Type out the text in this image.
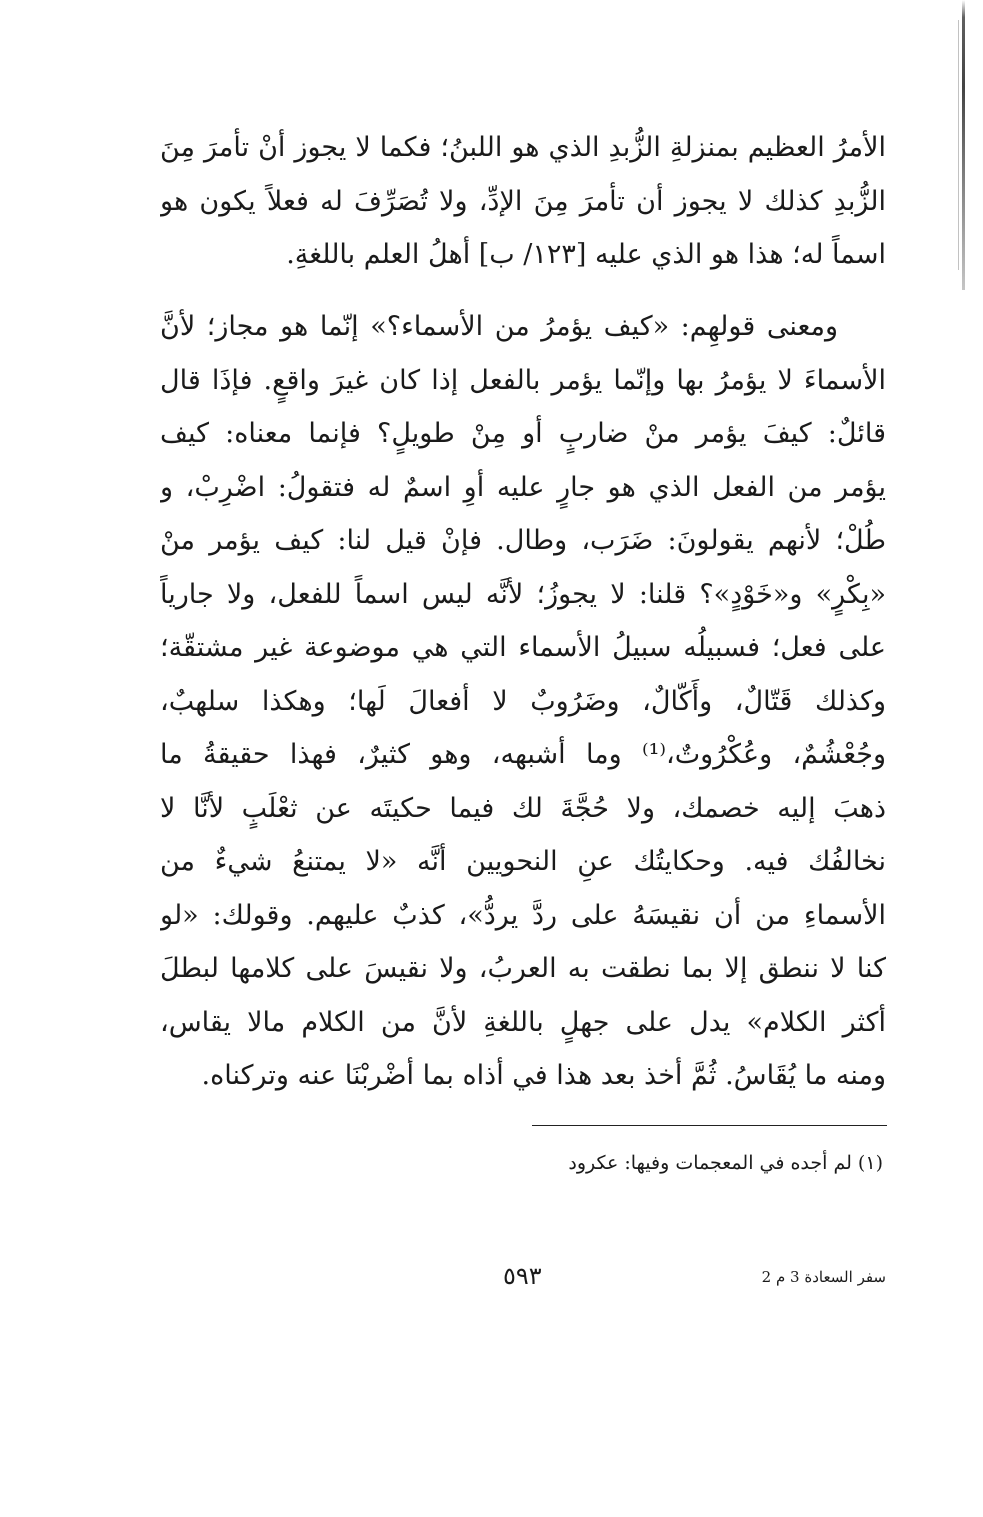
الأمرُ العظيم بمنزلةِ الزُّبدِ الذي هو اللبنُ؛ فكما لا يجوز أنْ تأمرَ مِنَ
الزُّبدِ كذلك لا يجوز أن تأمرَ مِنَ الإدِّ، ولا تُصَرِّفَ له فعلاً يكون هو
اسماً له؛ هذا هو الذي عليه [١٢٣/ ب] أهلُ العلم باللغةِ.
ومعنى قولهِم: «كيف يؤمرُ من الأسماء؟» إنّما هو مجاز؛ لأنَّ
الأسماءَ لا يؤمرُ بها وإنّما يؤمر بالفعل إذا كان غيرَ واقعٍ. فإذَا قال
قائلٌ: كيفَ يؤمر منْ ضاربٍ أو مِنْ طويلٍ؟ فإنما معناه: كيف
يؤمر من الفعل الذي هو جارٍ عليه أوِ اسمٌ له فتقولُ: اضْرِبْ، و
طُلْ؛ لأنهم يقولونَ: ضَرَب، وطال. فإنْ قيل لنا: كيف يؤمر منْ
«بِكْرٍ» و«خَوْدٍ»؟ قلنا: لا يجوزُ؛ لأنَّه ليس اسماً للفعل، ولا جارياً
على فعل؛ فسبيلُه سبيلُ الأسماء التي هي موضوعة غير مشتقّة؛
وكذلك قَتّالٌ، وأَكّالٌ، وضَرُوبٌ لا أفعالَ لَها؛ وهكذا سلهبٌ،
وجُعْشُمٌ، وعُكْرُوتٌ،⁽¹⁾ وما أشبهه، وهو كثيرٌ، فهذا حقيقةُ ما
ذهبَ إليه خصمك، ولا حُجَّةَ لك فيما حكيتَه عن ثعْلَبٍ لأنَّا لا
نخالفُك فيه. وحكايتُك عنِ النحويين أنَّه «لا يمتنعُ شيءٌ من
الأسماءِ من أن نقيسَهُ على ردَّ يردُّ»، كذبٌ عليهم. وقولك: «لو
كنا لا ننطق إلا بما نطقت به العربُ، ولا نقيسَ على كلامها لبطلَ
أكثر الكلام» يدل على جهلٍ باللغةِ لأنَّ من الكلام مالا يقاس،
ومنه ما يُقَاسُ. ثُمَّ أخذ بعد هذا في أذاه بما أضْربْنَا عنه وتركناه.
(١) لم أجده في المعجمات وفيها: عكرود
٥٩٣	سفر السعادة 3 م 2
